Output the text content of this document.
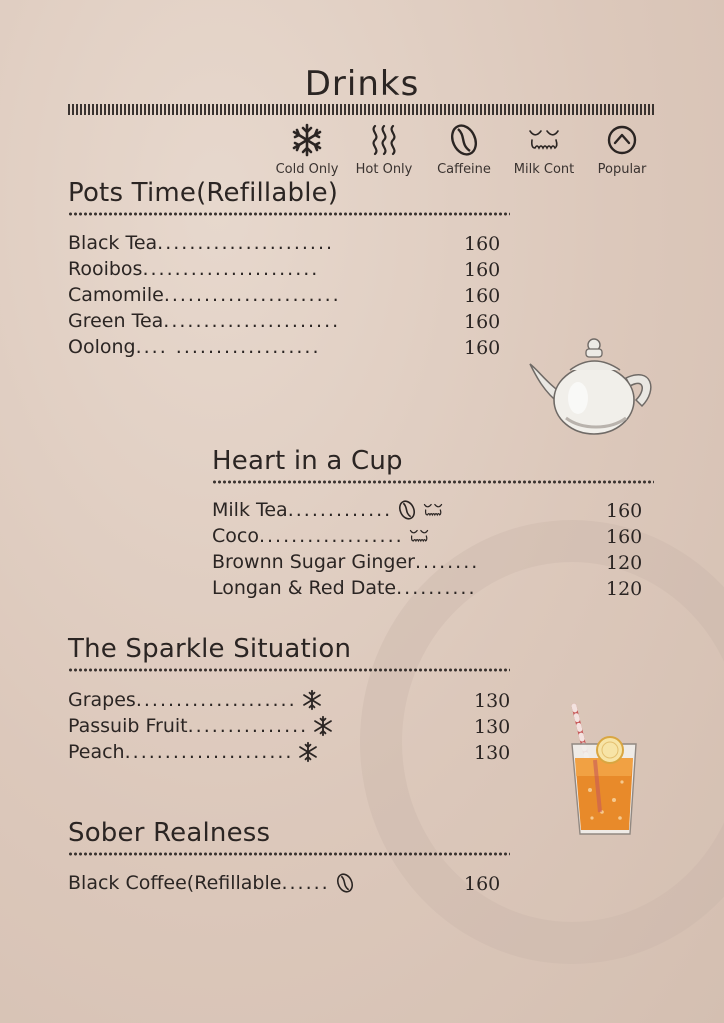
Drinks
Cold Only Hot Only Caffeine Milk Cont Popular
Pots Time(Refillable)
Black Tea ......................	160
Rooibos ......................	160
Camomile ......................	160
Green Tea ......................	160
Oolong .... ..................	160
Heart in a Cup
Milk Tea .............	160
Coco ..................	160
Brownn Sugar Ginger ........	120
Longan & Red Date ..........	120
The Sparkle Situation
Grapes ....................	130
Passuib Fruit ...............	130
Peach .....................	130
Sober Realness
Black Coffee(Refillable ......	160
